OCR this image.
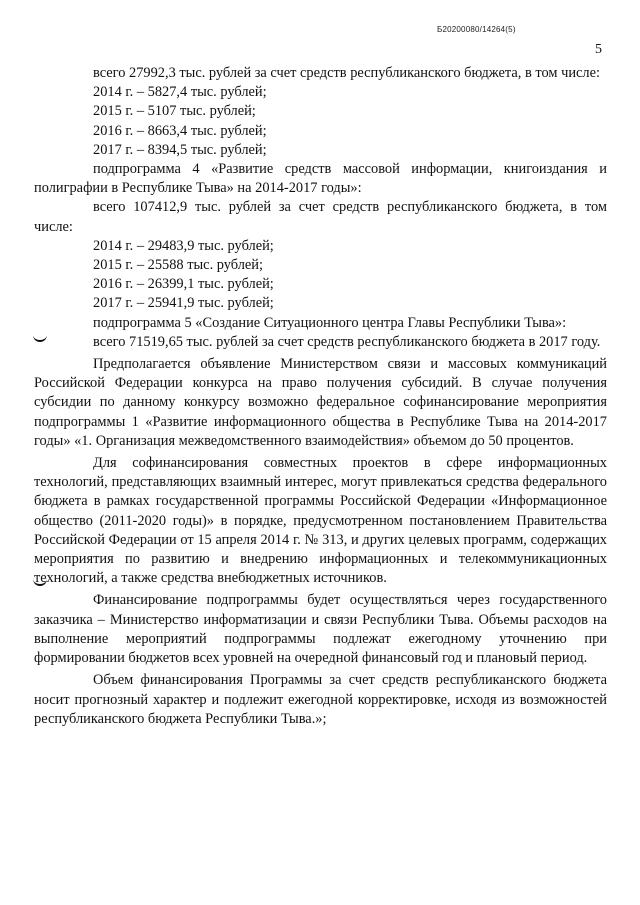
Б20200080/14264(5)
5

всего 27992,3 тыс. рублей за счет средств республиканского бюджета, в том числе:

2014 г. – 5827,4 тыс. рублей;

2015 г. – 5107 тыс. рублей;

2016 г. – 8663,4 тыс. рублей;

2017 г. – 8394,5 тыс. рублей;

подпрограмма 4 «Развитие средств массовой информации, книгоиздания и полиграфии в Республике Тыва» на 2014-2017 годы»:

всего 107412,9 тыс. рублей за счет средств республиканского бюджета, в том числе:

2014 г. – 29483,9 тыс. рублей;

2015 г. – 25588 тыс. рублей;

2016 г. – 26399,1 тыс. рублей;

2017 г. – 25941,9 тыс. рублей;

подпрограмма 5 «Создание Ситуационного центра Главы Республики Тыва»:

всего 71519,65 тыс. рублей за счет средств республиканского бюджета в 2017 году.

Предполагается объявление Министерством связи и массовых коммуникаций Российской Федерации конкурса на право получения субсидий. В случае получения субсидии по данному конкурсу возможно федеральное софинансирование мероприятия подпрограммы 1 «Развитие информационного общества в Республике Тыва на 2014-2017 годы» «1. Организация межведомственного взаимодействия» объемом до 50 процентов.

Для софинансирования совместных проектов в сфере информационных технологий, представляющих взаимный интерес, могут привлекаться средства федерального бюджета в рамках государственной программы Российской Федерации «Информационное общество (2011-2020 годы)» в порядке, предусмотренном постановлением Правительства Российской Федерации от 15 апреля 2014 г. № 313, и других целевых программ, содержащих мероприятия по развитию и внедрению информационных и телекоммуникационных технологий, а также средства внебюджетных источников.

Финансирование подпрограммы будет осуществляться через государственного заказчика – Министерство информатизации и связи Республики Тыва. Объемы расходов на выполнение мероприятий подпрограммы подлежат ежегодному уточнению при формировании бюджетов всех уровней на очередной финансовый год и плановый период.

Объем финансирования Программы за счет средств республиканского бюджета носит прогнозный характер и подлежит ежегодной корректировке, исходя из возможностей республиканского бюджета Республики Тыва.»;
